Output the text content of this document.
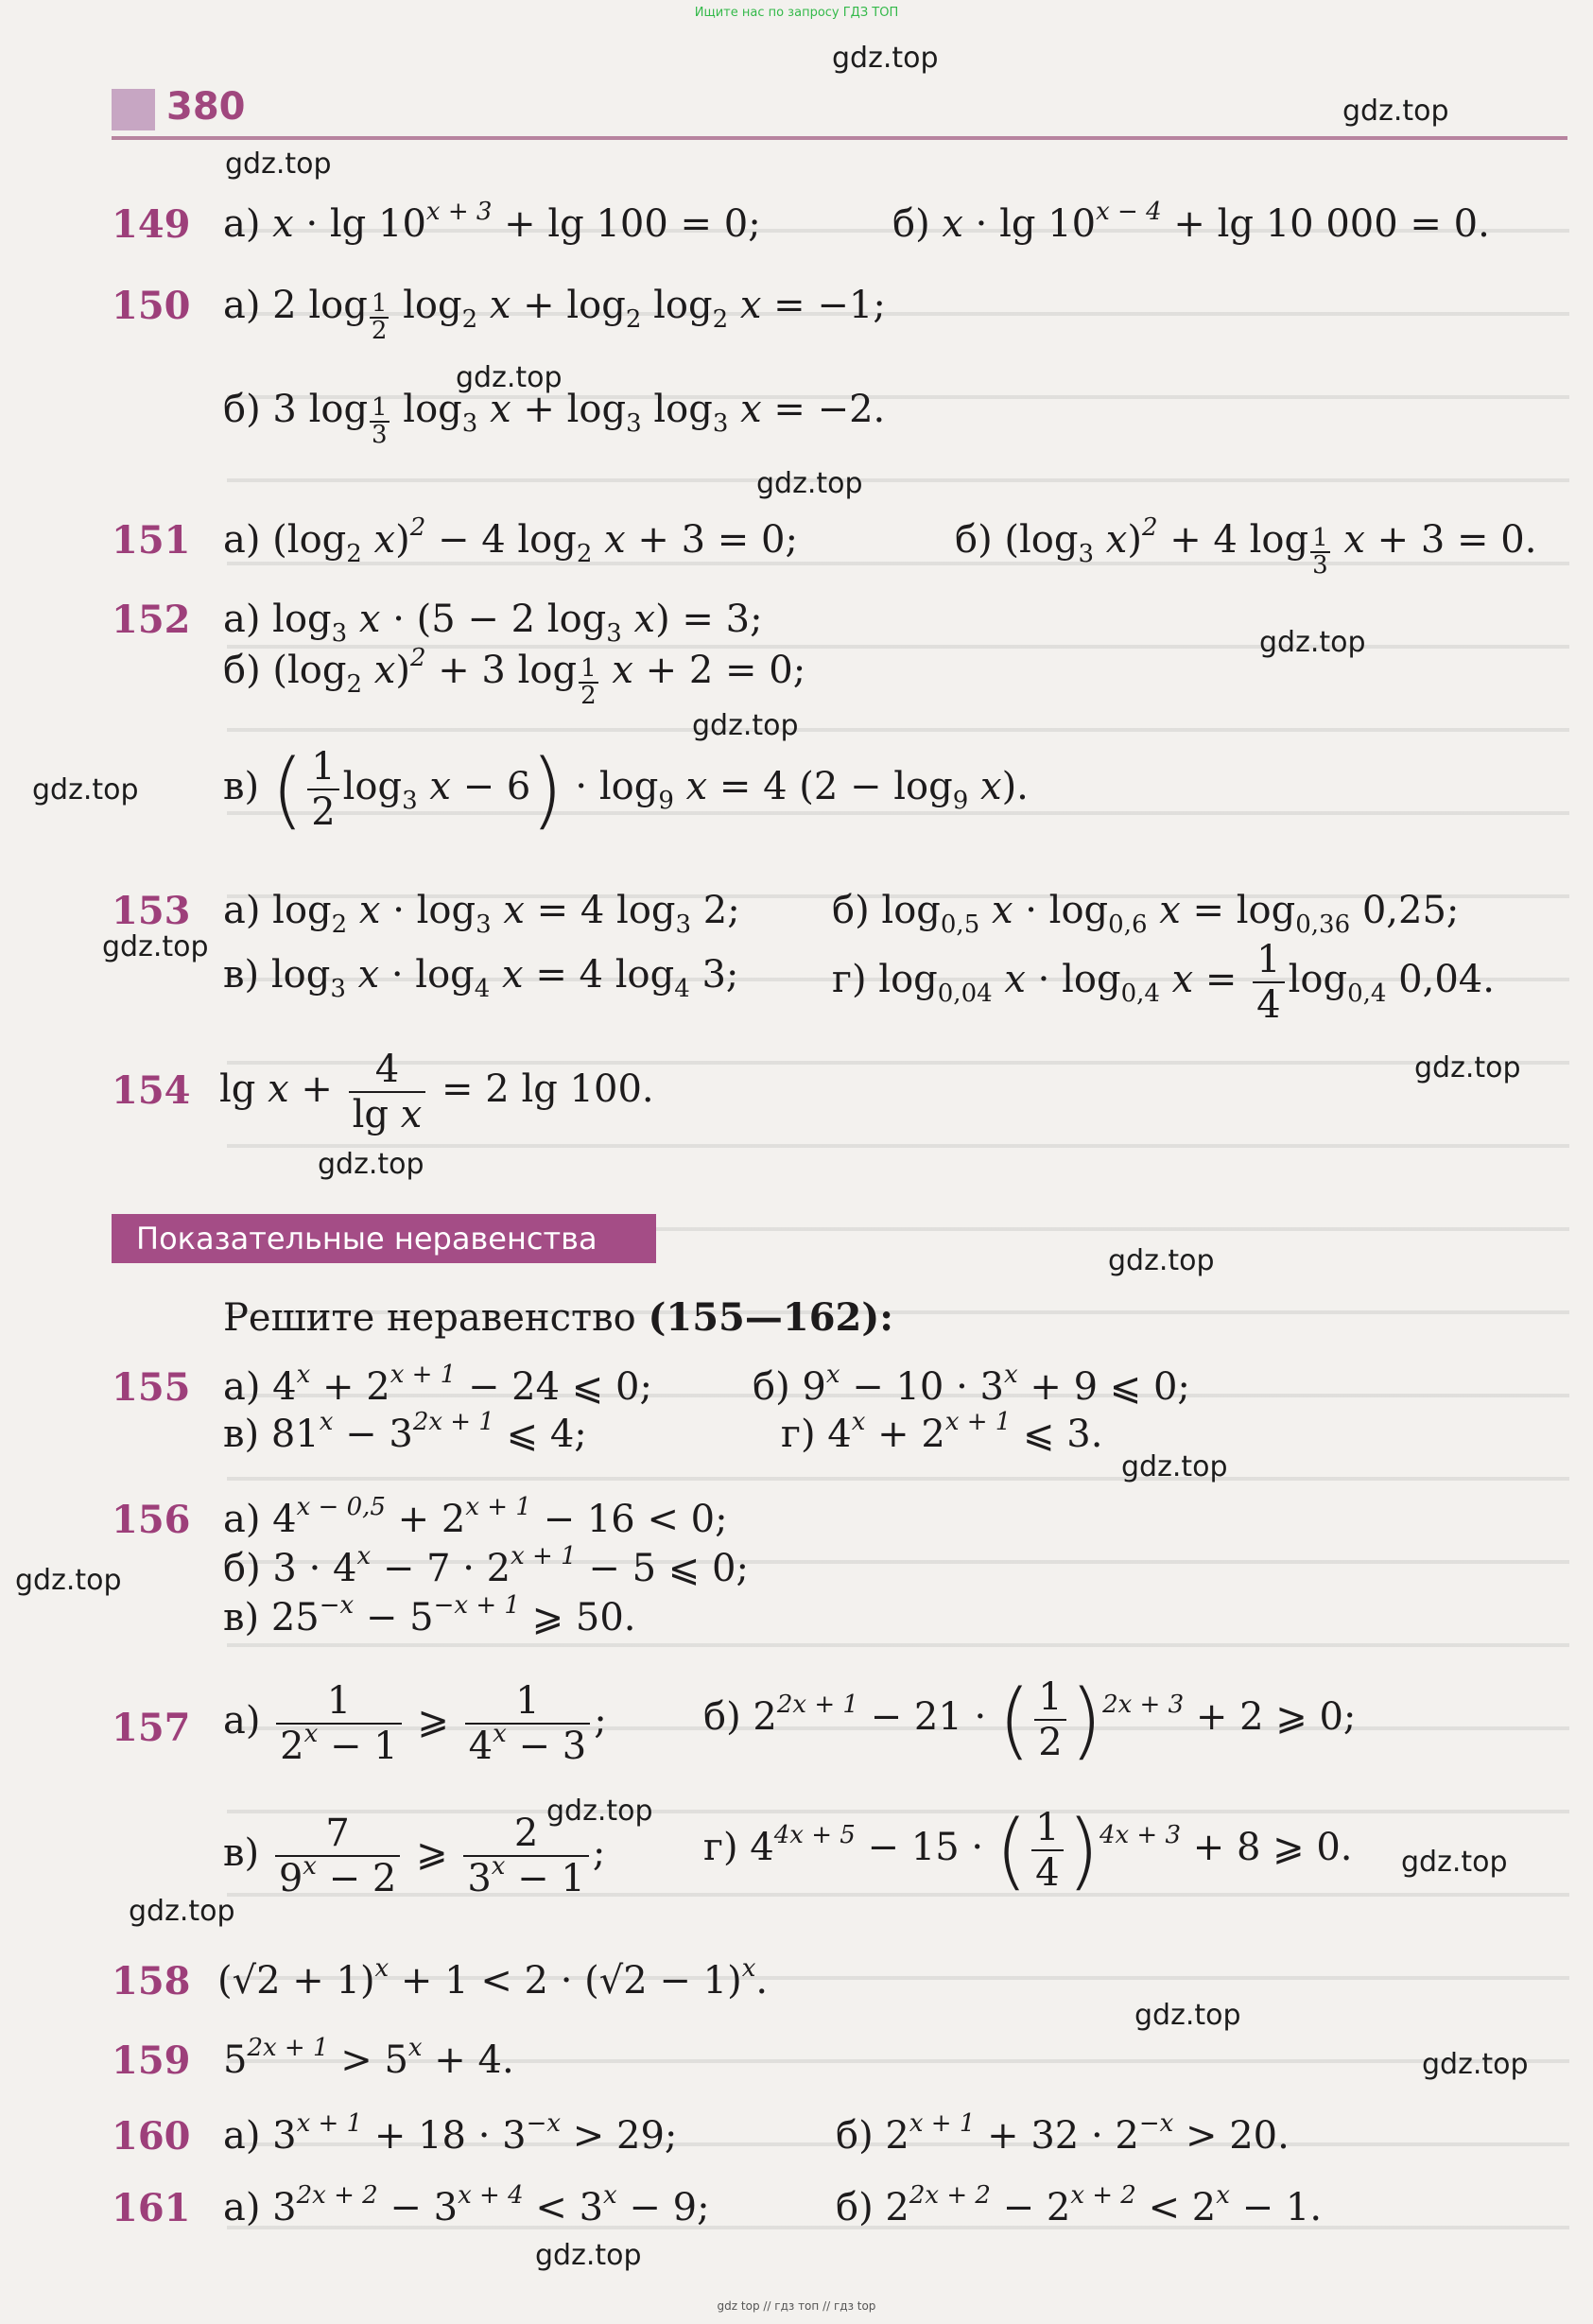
Ищите нас по запросу ГДЗ ТОП
380
gdz.top
gdz.top
gdz.top
gdz.top
gdz.top
gdz.top
gdz.top
gdz.top
gdz.top
gdz.top
gdz.top
gdz.top
gdz.top
gdz.top
gdz.top
gdz.top
gdz.top
gdz.top
gdz.top
gdz.top
149 а) $x \cdot \lg 10^{x + 3} + \lg 100 = 0$;	б) $x \cdot \lg 10^{x - 4} + \lg 10$ 000 = 0.
150 а) 2 $\log \frac{1}{2} \log_2 x + \log_2 \log_2 x = -1$;
б) 3 $\log \frac{1}{3} \log_3 x + \log_3 \log_3 x = -2$.
151 а) ($\log_2$ x)$^2$ − 4 $\log_2 x + 3 = 0$;	б) ($\log_3$ x)$^2$ + 4 $\log \frac{1}{3}$ x + 3 = 0.
152 а) $\log_3 x \cdot (5 - 2$ $\log_3 x) = 3$;
б) ($\log_2$ x)$^2$ + 3 $\log \frac{1}{2}$ x + 2 = 0;
в) ( $\frac{1}{2} \log_3 x - 6) \cdot \log_9 x = 4$ $(2 - \log_9 x)$.
153 а) $\log_2 x \cdot \log_3 x = 4$ $\log_3 2$; б) $\log_{0,5} x \cdot \log_{0,6} x = \log_{0,36} 0,25$;
в) $\log_3 x \cdot \log_4 x = 4$ $\log_4 3$; г) $\log_{0,04} x \cdot \log_{0,4} x = \frac{1}{4} \log_{0,4} 0,04$.
154 $\lg x + \frac{4}{\text{lg x}} = 2$ lg 100.
Показательные неравенства
Решите неравенство (155—162):
155 а) $4^x + 2^{x + 1} - 24$ ⩽ 0;	б) $9^x - 10 \cdot 3^x + 9$ ⩽ 0;
в) $81^x - 3^{2x + 1}$ ⩽ 4;	г) $4^x + 2^{x + 1}$ ⩽ 3.
156 а) $4^{x - 0,5} + 2^{x + 1} - 16 < 0$;
б) $3 \cdot 4^x - 7 \cdot 2^{x + 1} - 5$ ⩽ 0;
в) $25^{-x} - 5^{-x + 1}$ ⩾ 50.
157 $а) \frac{1}{2^x - 1}$ ⩾ $\frac{1}{4^x - 3}$ ;	б) $2^{2x + 1} - 21$ · ( $\frac{1}{2} )^{2x + 3} + 2$ ⩾ 0;
$в) \frac{7}{9^x - 2}$ ⩾ $\frac{2}{3^x - 1}$ ;	г) $4^{4x + 5} - 15$ · ( $\frac{1}{4} )^{4x + 3} + 8$ ⩾ 0.
158 $(√2 + 1)^x + 1 < 2 \cdot (√2 - 1)^x$.
159 $5^{2x + 1} > 5^x + 4$.
160 а) $3^{x + 1} + 18 \cdot 3^{-x} > 29$;	б) $2^{x + 1} + 32 \cdot 2^{-x} > 20$.
161 а) $3^{2x + 2} - 3^{x + 4} < 3^x - 9$;	б) $2^{2x + 2} - 2^{x + 2} < 2^x - 1$.
gdz top // гдз топ // гдз top
